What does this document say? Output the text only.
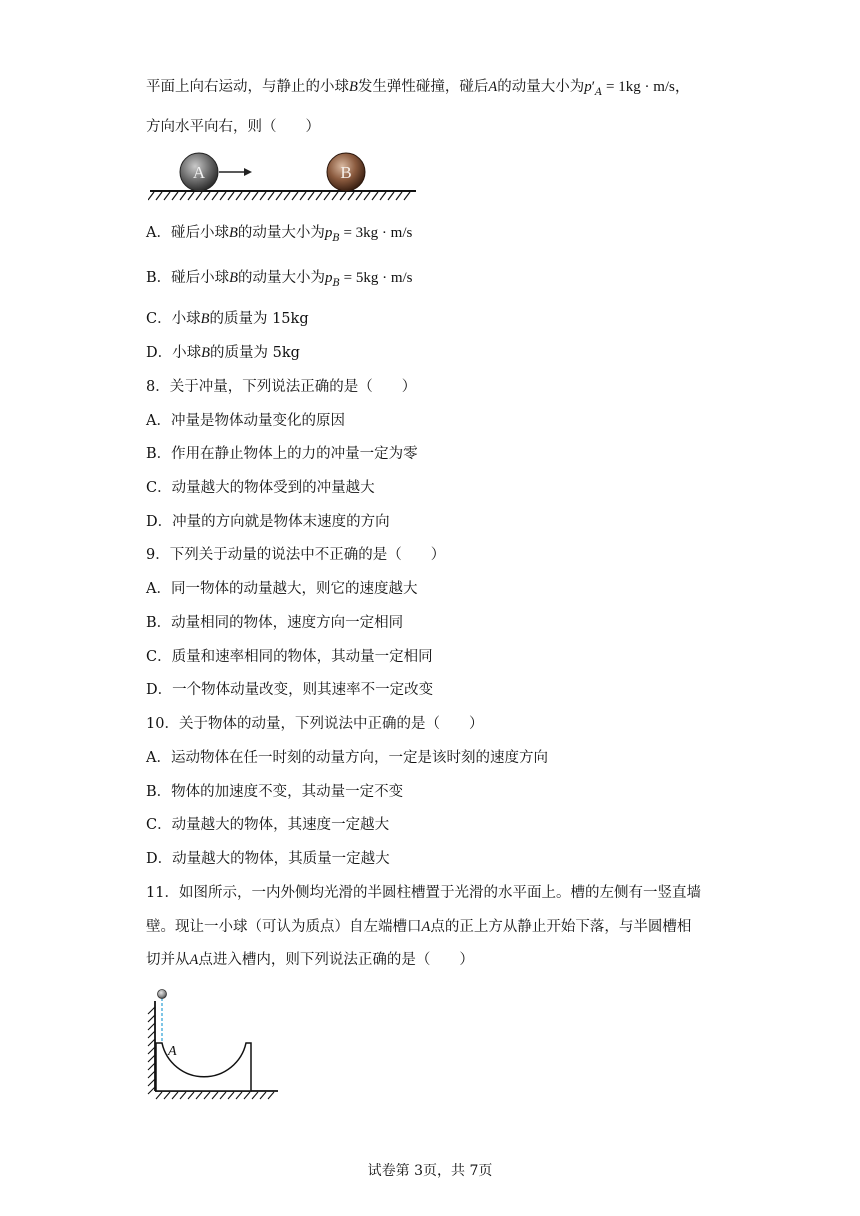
平面上向右运动，与静止的小球B发生弹性碰撞，碰后A的动量大小为$p'_A = 1kg \cdot m/s$，
方向水平向右，则（　　）
A	B
A．碰后小球B的动量大小为$p_B = 3kg \cdot m/s$
B．碰后小球B的动量大小为$p_B = 5kg \cdot m/s$
C．小球B的质量为 15kg
D．小球B的质量为 5kg
8．关于冲量，下列说法正确的是（　　）
A．冲量是物体动量变化的原因
B．作用在静止物体上的力的冲量一定为零
C．动量越大的物体受到的冲量越大
D．冲量的方向就是物体末速度的方向
9．下列关于动量的说法中不正确的是（　　）
A．同一物体的动量越大，则它的速度越大
B．动量相同的物体，速度方向一定相同
C．质量和速率相同的物体，其动量一定相同
D．一个物体动量改变，则其速率不一定改变
10．关于物体的动量，下列说法中正确的是（　　）
A．运动物体在任一时刻的动量方向，一定是该时刻的速度方向
B．物体的加速度不变，其动量一定不变
C．动量越大的物体，其速度一定越大
D．动量越大的物体，其质量一定越大
11．如图所示，一内外侧均光滑的半圆柱槽置于光滑的水平面上。槽的左侧有一竖直墙
壁。现让一小球（可认为质点）自左端槽口A点的正上方从静止开始下落，与半圆槽相
切并从A点进入槽内，则下列说法正确的是（　　）
A
试卷第 3页，共 7页
